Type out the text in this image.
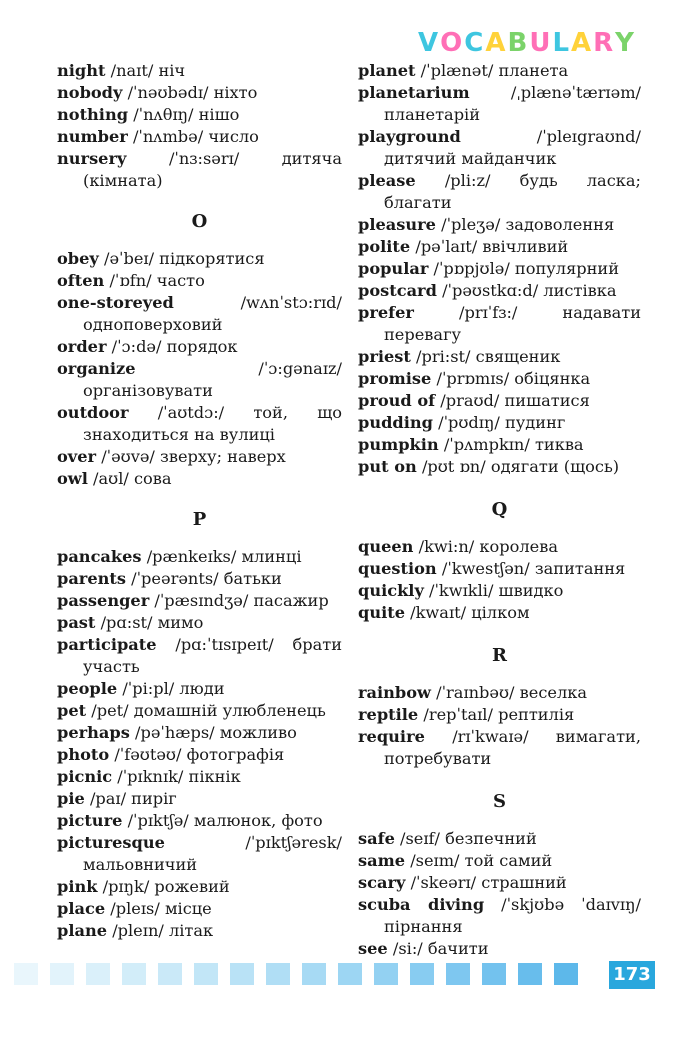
VOCABULARY
night /naɪt/ ніч
nobody /ˈnəʊbədɪ/ ніхто
nothing /ˈnʌθɪŋ/ нішо
number /ˈnʌmbə/ число
nursery	/ˈnɜ:sərɪ/ дитяча (кімната)
O
obey /əˈbeɪ/ підкорятися
often /ˈɒfn/ часто
one-storeyed	/wʌnˈstɔ:rɪd/ одноповерховий
order /ˈɔ:də/ порядок
organize	/ˈɔ:gənaɪz/ організовувати
outdoor /ˈaʊtdɔ:/ той, що знаходиться на вулиці
over /ˈəʊvə/ зверху; наверх
owl /aʊl/ сова
P
pancakes /pænkeɪks/ млинці
parents /ˈpeərənts/ батьки
passenger /ˈpæsɪndʒə/ пасажир
past /pɑ:st/ мимо
participate /pɑ:ˈtɪsɪpeɪt/ брати участь
people /ˈpi:pl/ люди
pet /pet/ домашній улюбленець
perhaps /pəˈhæps/ можливо
photo /ˈfəʊtəʊ/ фотографія
picnic /ˈpɪknɪk/ пікнік
pie /paɪ/ пиріг
picture /ˈpɪktʃə/ малюнок, фото
picturesque	/ˈpɪktʃəresk/ мальовничий
pink /pɪŋk/ рожевий
place /pleɪs/ місце
plane /pleɪn/ літак
planet /ˈplænət/ планета
planetarium	/ˌplænəˈtærɪəm/ планетарій
playground	/ˈpleɪgraʊnd/ дитячий майданчик
please /pli:z/ будь ласка; благати
pleasure /ˈpleʒə/ задоволення
polite /pəˈlaɪt/ ввічливий
popular /ˈpɒpjʊlə/ популярний
postcard /ˈpəʊstkɑ:d/ листівка
prefer	/prɪˈfɜ:/ надавати перевагу
priest /pri:st/ священик
promise /ˈprɒmɪs/ обіцянка
proud of /praʊd/ пишатися
pudding /ˈpʊdɪŋ/ пудинг
pumpkin /ˈpʌmpkɪn/ тиква
put on /pʊt ɒn/ одягати (щось)
Q
queen /kwi:n/ королева
question /ˈkwestʃən/ запитання
quickly /ˈkwɪkli/ швидко
quite /kwaɪt/ цілком
R
rainbow /ˈraɪnbəʊ/ веселка
reptile /repˈtaɪl/ рептилія
require /rɪˈkwaɪə/ вимагати, потребувати
S
safe /seɪf/ безпечний
same /seɪm/ той самий
scary /ˈskeərɪ/ страшний
scuba diving /ˈskjʊbə ˈdaɪvɪŋ/ пірнання
see /si:/ бачити
173
